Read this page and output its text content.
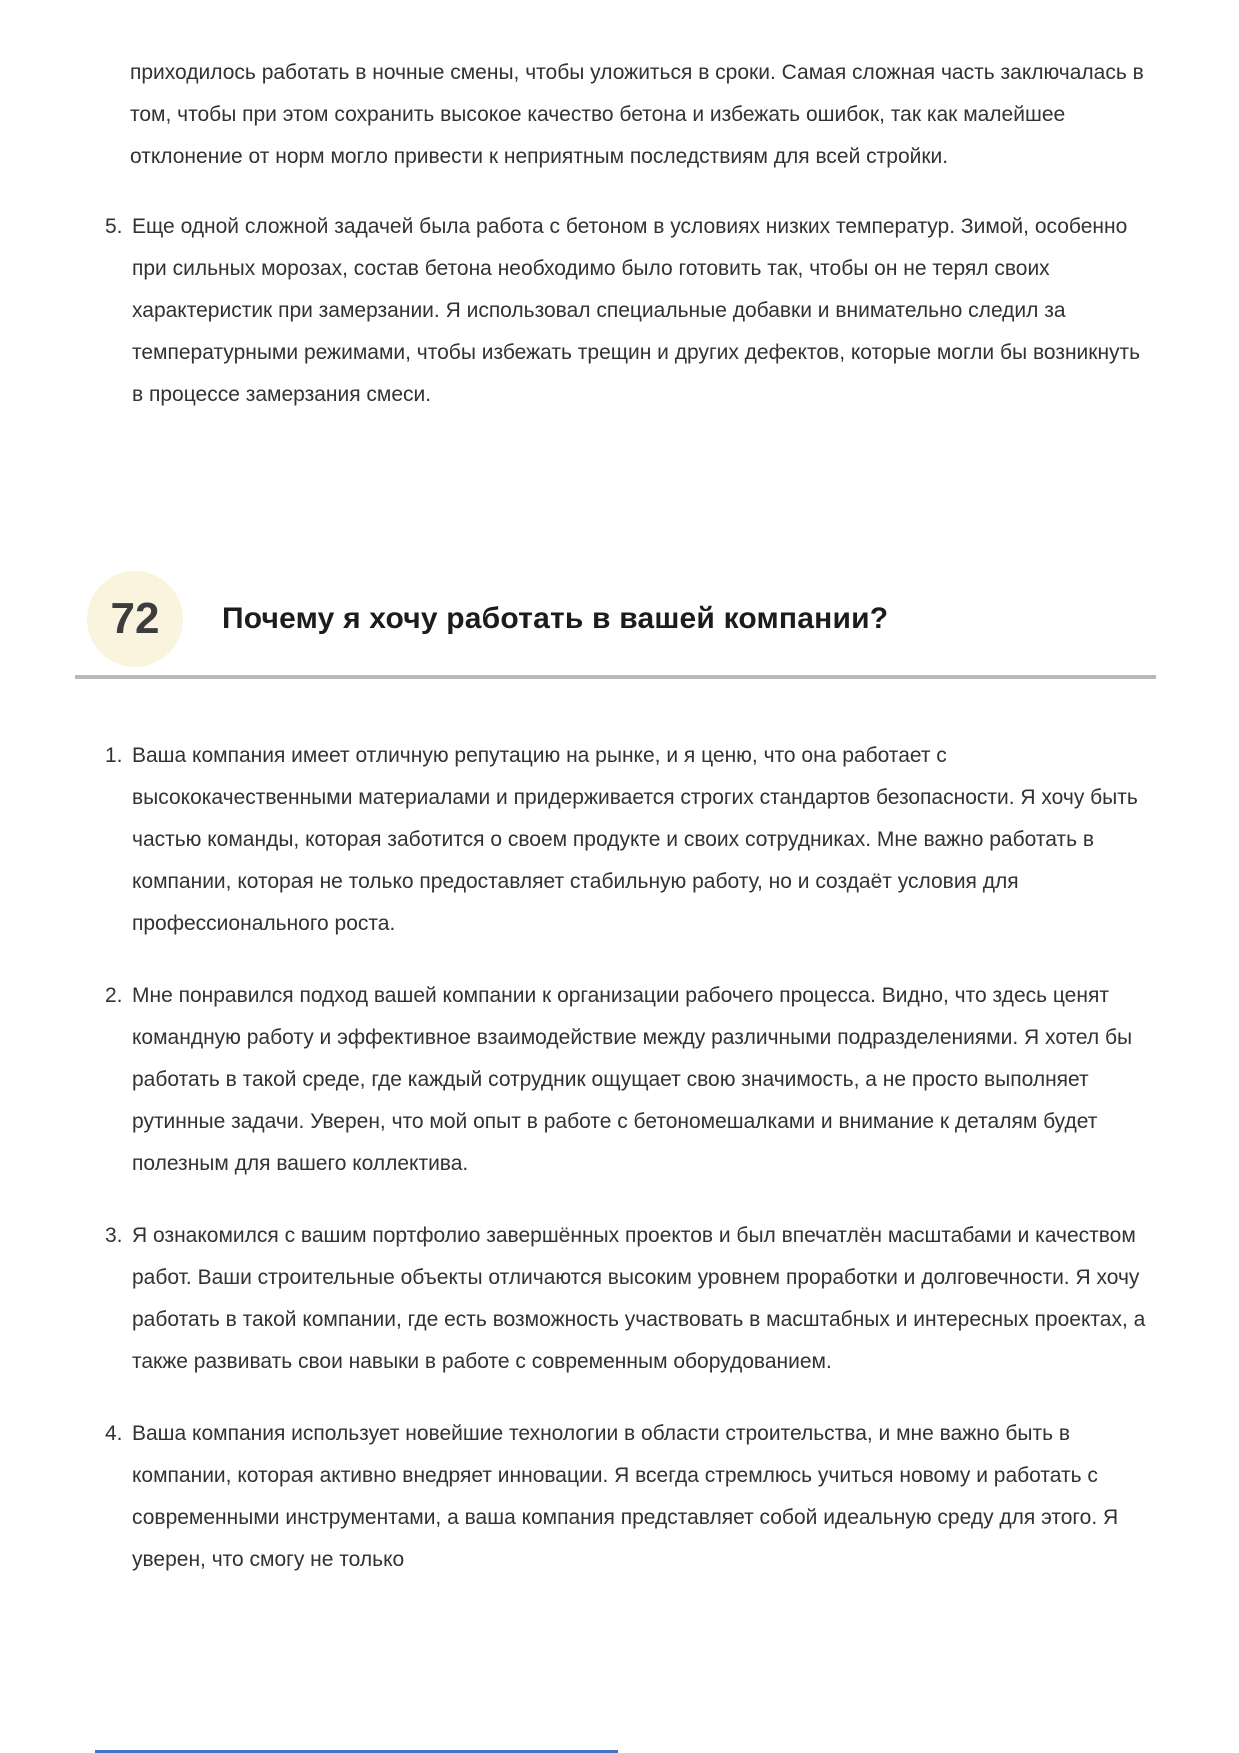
приходилось работать в ночные смены, чтобы уложиться в сроки. Самая сложная часть заключалась в том, чтобы при этом сохранить высокое качество бетона и избежать ошибок, так как малейшее отклонение от норм могло привести к неприятным последствиям для всей стройки.

5. Еще одной сложной задачей была работа с бетоном в условиях низких температур. Зимой, особенно при сильных морозах, состав бетона необходимо было готовить так, чтобы он не терял своих характеристик при замерзании. Я использовал специальные добавки и внимательно следил за температурными режимами, чтобы избежать трещин и других дефектов, которые могли бы возникнуть в процессе замерзания смеси.
72	Почему я хочу работать в вашей компании?
1. Ваша компания имеет отличную репутацию на рынке, и я ценю, что она работает с высококачественными материалами и придерживается строгих стандартов безопасности. Я хочу быть частью команды, которая заботится о своем продукте и своих сотрудниках. Мне важно работать в компании, которая не только предоставляет стабильную работу, но и создаёт условия для профессионального роста.
2. Мне понравился подход вашей компании к организации рабочего процесса. Видно, что здесь ценят командную работу и эффективное взаимодействие между различными подразделениями. Я хотел бы работать в такой среде, где каждый сотрудник ощущает свою значимость, а не просто выполняет рутинные задачи. Уверен, что мой опыт в работе с бетономешалками и внимание к деталям будет полезным для вашего коллектива.
3. Я ознакомился с вашим портфолио завершённых проектов и был впечатлён масштабами и качеством работ. Ваши строительные объекты отличаются высоким уровнем проработки и долговечности. Я хочу работать в такой компании, где есть возможность участвовать в масштабных и интересных проектах, а также развивать свои навыки в работе с современным оборудованием.
4. Ваша компания использует новейшие технологии в области строительства, и мне важно быть в компании, которая активно внедряет инновации. Я всегда стремлюсь учиться новому и работать с современными инструментами, а ваша компания представляет собой идеальную среду для этого. Я уверен, что смогу не только
